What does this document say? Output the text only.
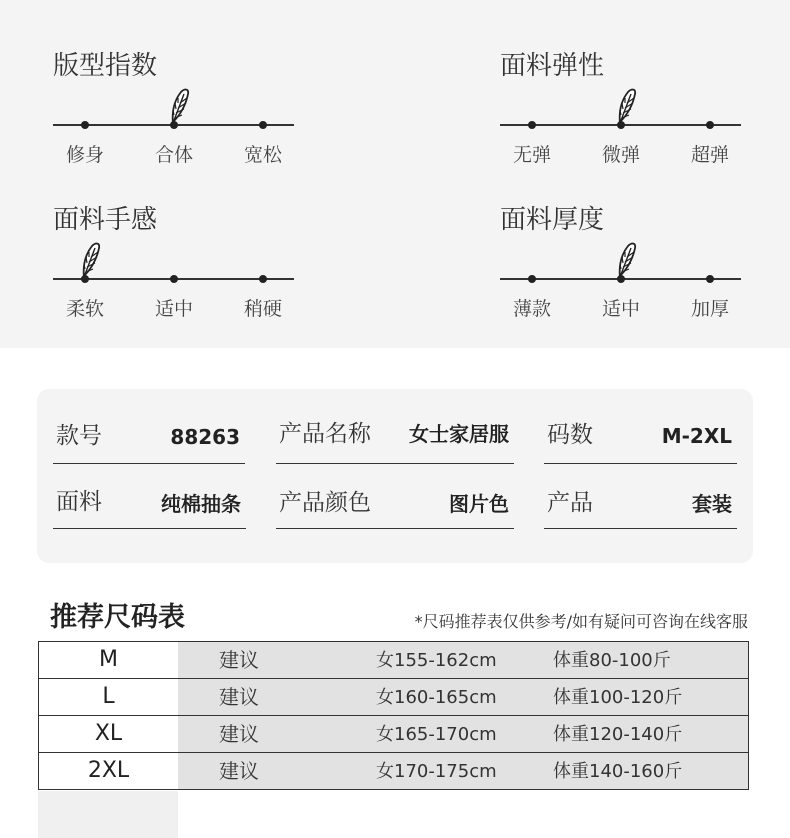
版型指数
修身	合体	宽松
面料弹性
无弹	微弹	超弹
面料手感
柔软	适中	稍硬
面料厚度
薄款	适中	加厚
款号	88263 产品名称 女士家居服 码数	M-2XL
面料	纯棉抽条 产品颜色	图片色 产品	套装
推荐尺码表	*尺码推荐表仅供参考/如有疑问可咨询在线客服
M	建议	女155-162cm	体重80-100斤
L	建议	女160-165cm	体重100-120斤
XL	建议	女165-170cm	体重120-140斤
2XL	建议	女170-175cm	体重140-160斤
